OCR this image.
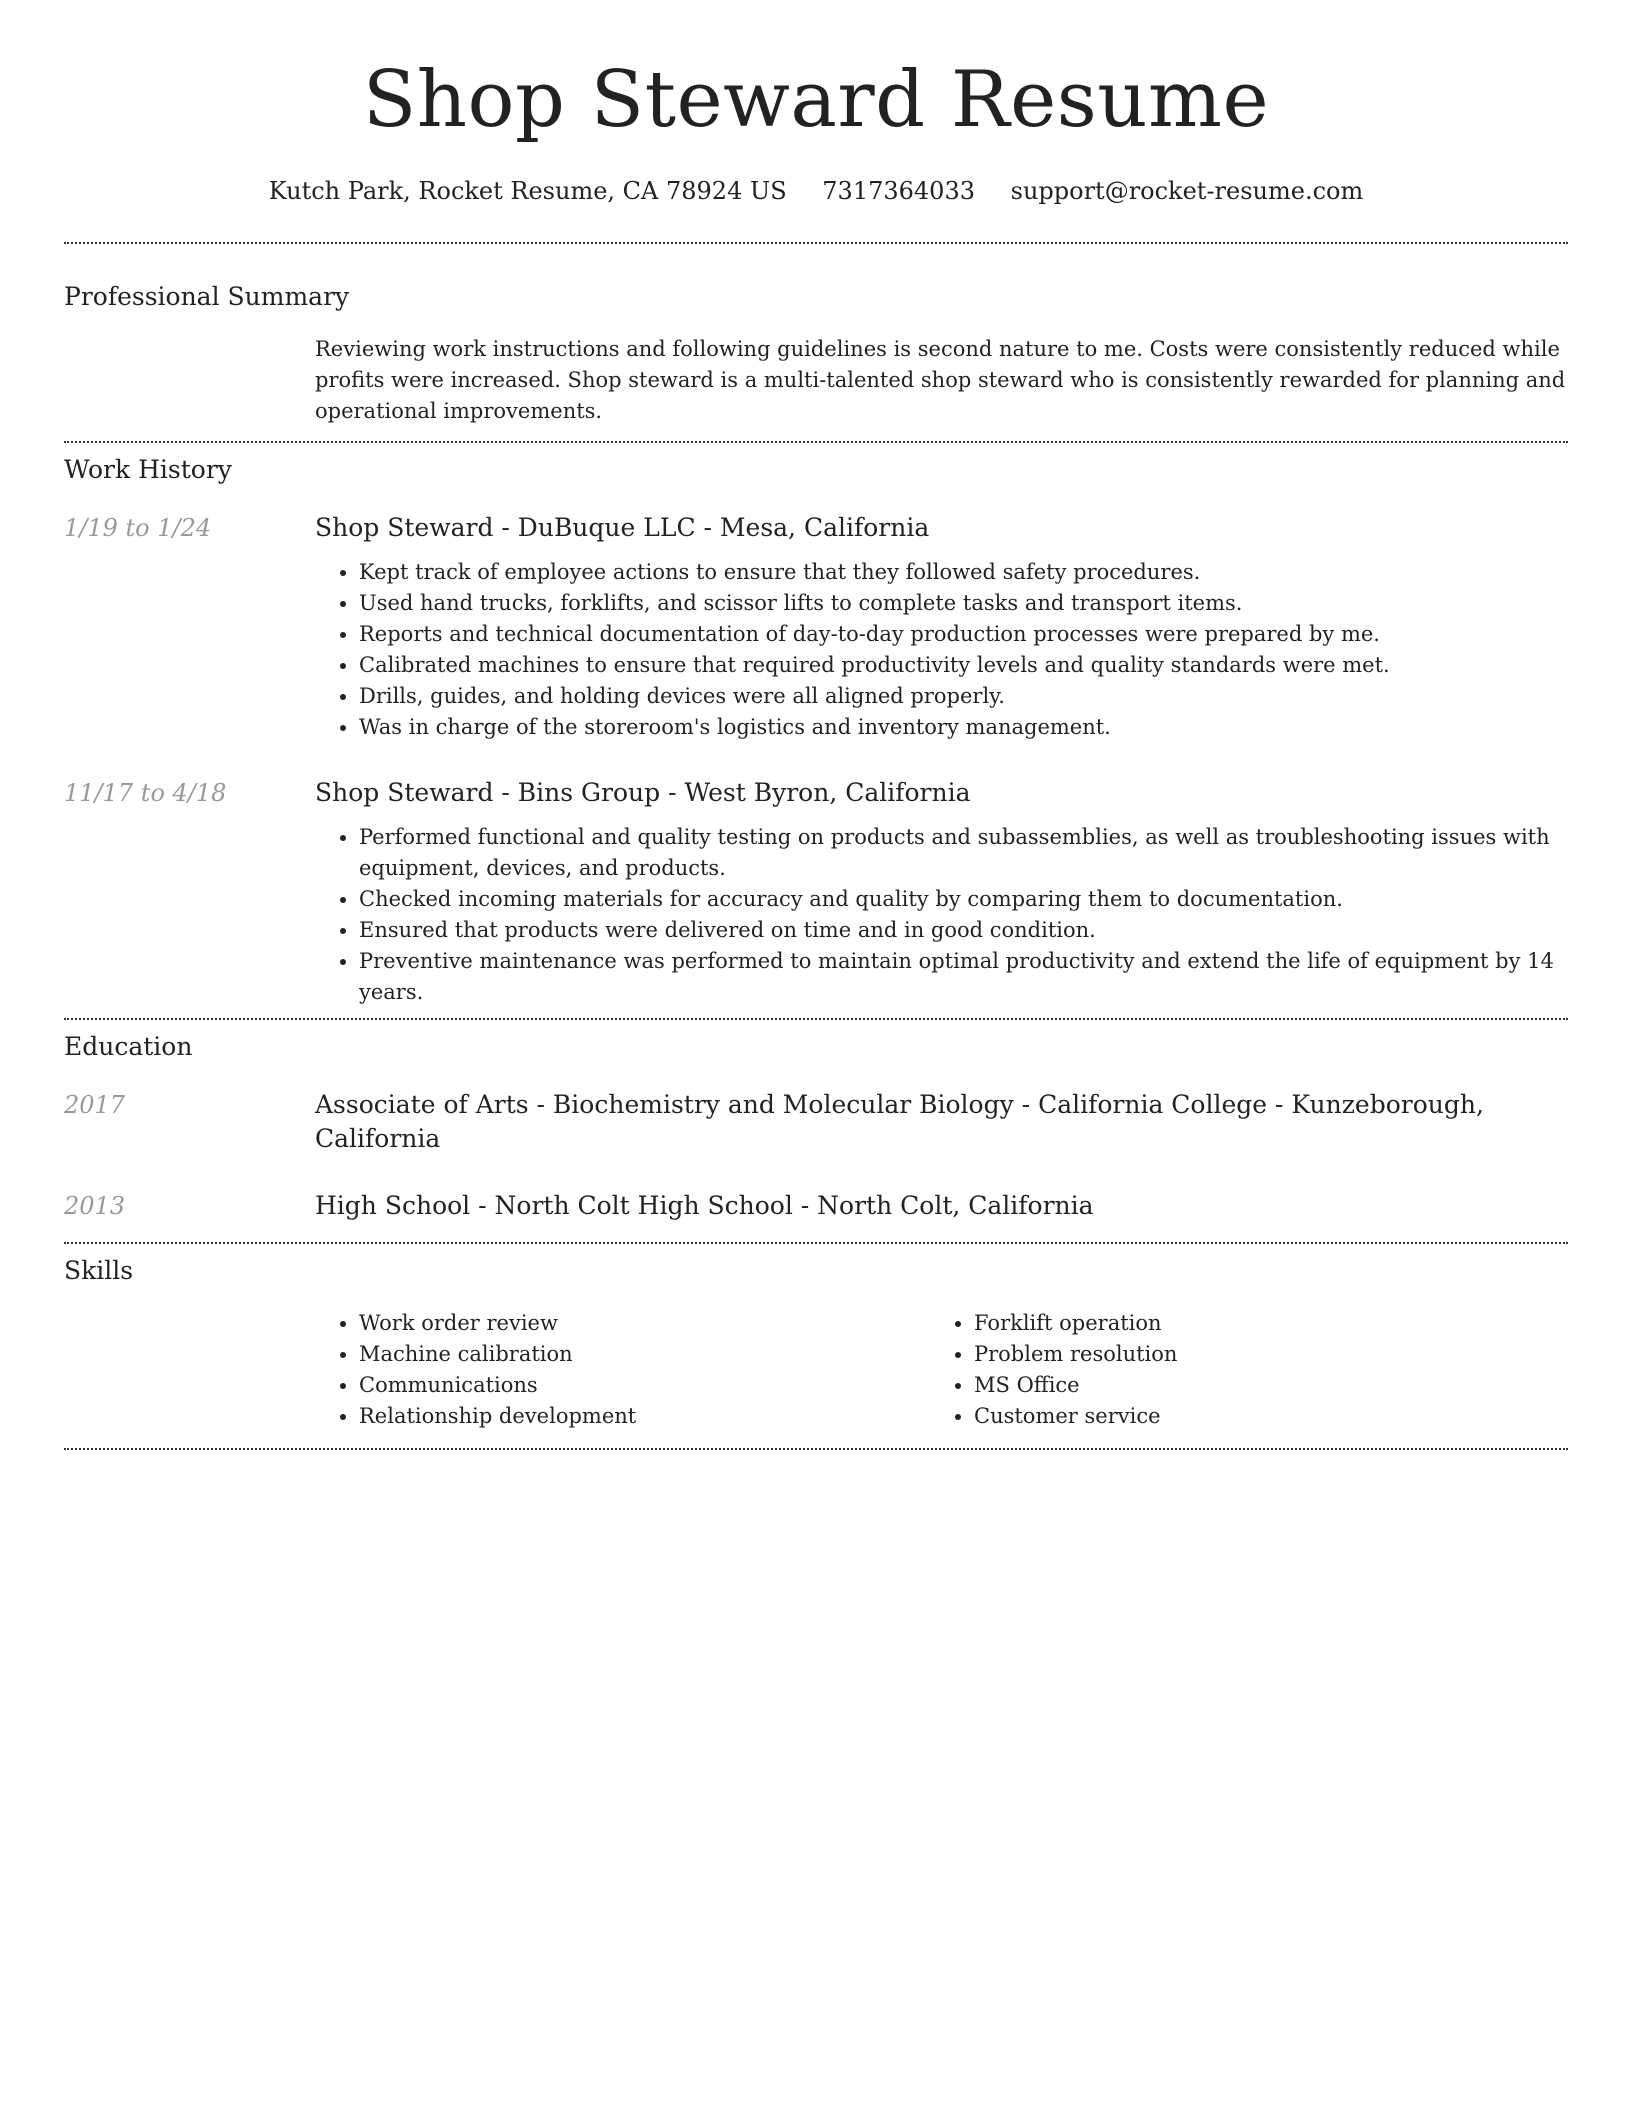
Shop Steward Resume
Kutch Park, Rocket Resume, CA 78924 US 7317364033 support@rocket-resume.com
Professional Summary

Reviewing work instructions and following guidelines is second nature to me. Costs were consistently reduced while profits were increased. Shop steward is a multi-talented shop steward who is consistently rewarded for planning and operational improvements.

Work History
1/19 to 1/24	Shop Steward - DuBuque LLC - Mesa, California

• Kept track of employee actions to ensure that they followed safety procedures.
• Used hand trucks, forklifts, and scissor lifts to complete tasks and transport items.
• Reports and technical documentation of day-to-day production processes were prepared by me.
• Calibrated machines to ensure that required productivity levels and quality standards were met.
• Drills, guides, and holding devices were all aligned properly.
• Was in charge of the storeroom's logistics and inventory management.
11/17 to 4/18	Shop Steward - Bins Group - West Byron, California

• Performed functional and quality testing on products and subassemblies, as well as troubleshooting issues with equipment, devices, and products.
• Checked incoming materials for accuracy and quality by comparing them to documentation.
• Ensured that products were delivered on time and in good condition.
• Preventive maintenance was performed to maintain optimal productivity and extend the life of equipment by 14 years.
Education
2017	Associate of Arts - Biochemistry and Molecular Biology - California College - Kunzeborough, California

2013	High School - North Colt High School - North Colt, California

Skills
• Work order review
• Machine calibration
• Communications
• Relationship development
• Forklift operation
• Problem resolution
• MS Office
• Customer service
